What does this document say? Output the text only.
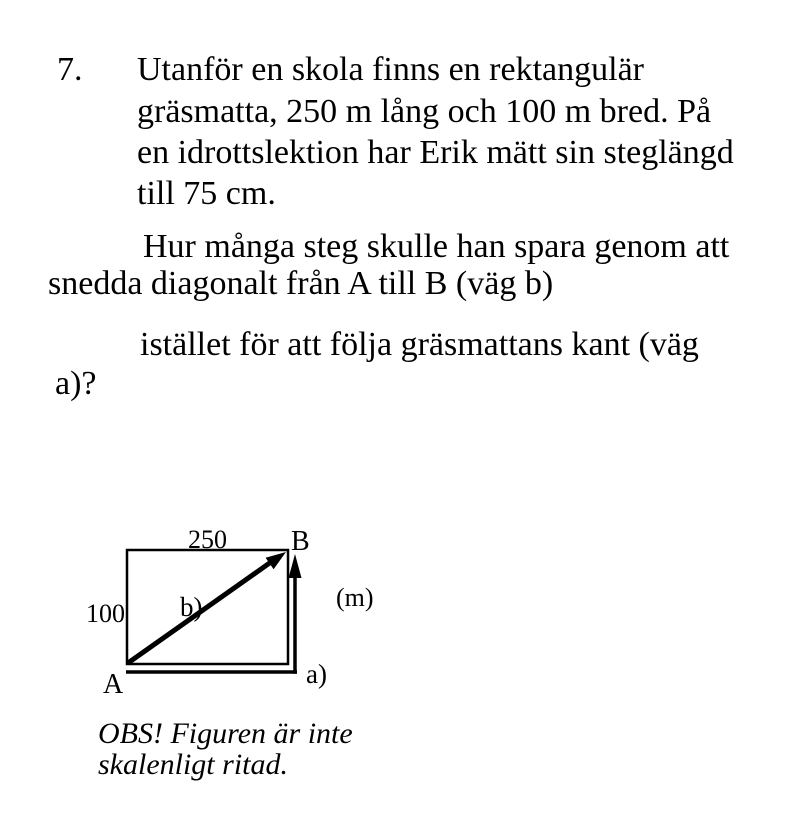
7. Utanför en skola finns en rektangulär
gräsmatta, 250 m lång och 100 m bred. På
en idrottslektion har Erik mätt sin steglängd
till 75 cm.
Hur många steg skulle han spara genom att
snedda diagonalt från A till B (väg b)
istället för att följa gräsmattans kant (väg
a)?
250 B
100 b)	(m)
A	a)
OBS! Figuren är inte
skalenligt ritad.
